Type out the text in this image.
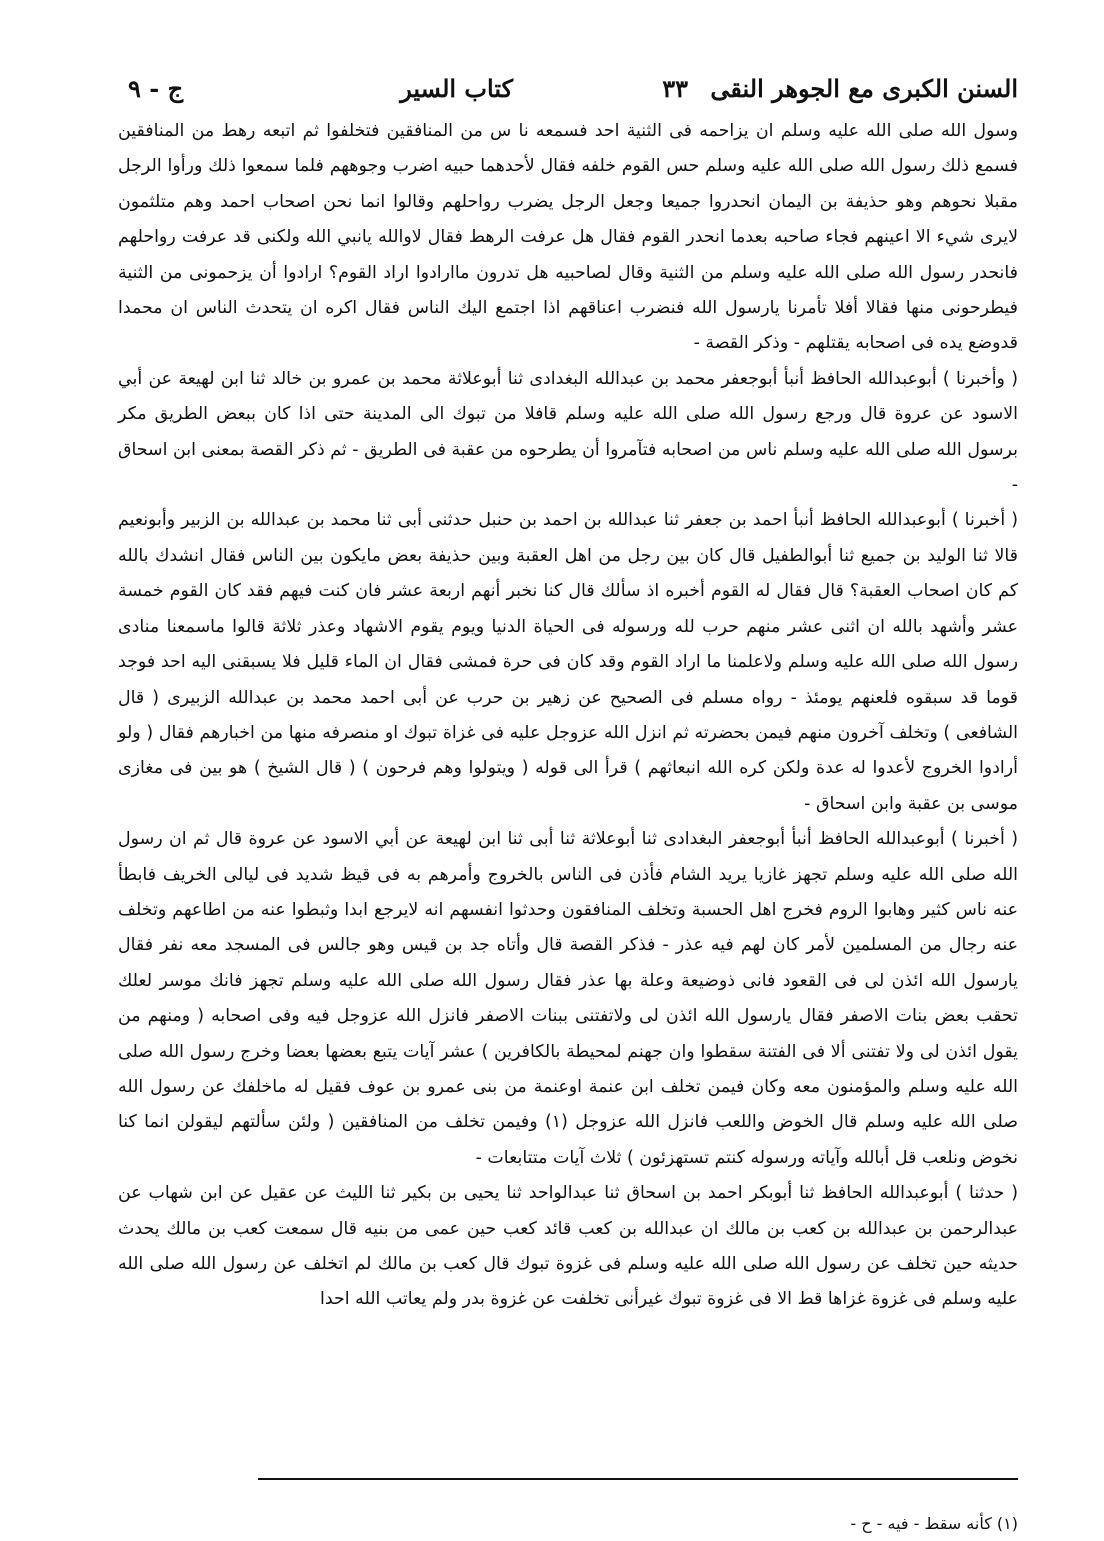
السنن الكبرى مع الجوهر النقى
٣٣
كتاب السير
ج - ٩

وسول الله صلى الله عليه وسلم ان يزاحمه فى الثنية احد فسمعه نا س من المنافقين فتخلفوا ثم اتبعه رهط من المنافقين فسمع ذلك رسول الله صلى الله عليه وسلم حس القوم خلفه فقال لأحدهما حبيه اضرب وجوههم فلما سمعوا ذلك ورأوا الرجل مقبلا نحوهم وهو حذيفة بن اليمان انحدروا جميعا وجعل الرجل يضرب رواحلهم وقالوا انما نحن اصحاب احمد وهم متلثمون لايرى شيء الا اعينهم فجاء صاحبه بعدما انحدر القوم فقال هل عرفت الرهط فقال لاوالله يانبي الله ولكنى قد عرفت رواحلهم فانحدر رسول الله صلى الله عليه وسلم من الثنية وقال لصاحبيه هل تدرون ماارادوا اراد القوم؟ ارادوا أن يزحمونى من الثنية فيطرحونى منها فقالا أفلا تأمرنا يارسول الله فنضرب اعناقهم اذا اجتمع اليك الناس فقال اكره ان يتحدث الناس ان محمدا قدوضع يده فى اصحابه يقتلهم - وذكر القصة -

( وأخبرنا ) أبوعبدالله الحافظ أنبأ أبوجعفر محمد بن عبدالله البغدادى ثنا أبوعلاثة محمد بن عمرو بن خالد ثنا ابن لهيعة عن أبي الاسود عن عروة قال ورجع رسول الله صلى الله عليه وسلم قافلا من تبوك الى المدينة حتى اذا كان ببعض الطريق مكر برسول الله صلى الله عليه وسلم ناس من اصحابه فتآمروا أن يطرحوه من عقبة فى الطريق - ثم ذكر القصة بمعنى ابن اسحاق -

( أخبرنا ) أبوعبدالله الحافظ أنبأ احمد بن جعفر ثنا عبدالله بن احمد بن حنبل حدثنى أبى ثنا محمد بن عبدالله بن الزبير وأبونعيم قالا ثنا الوليد بن جميع ثنا أبوالطفيل قال كان بين رجل من اهل العقبة وبين حذيفة بعض مايكون بين الناس فقال انشدك بالله كم كان اصحاب العقبة؟ قال فقال له القوم أخبره اذ سألك قال كنا نخبر أنهم اربعة عشر فان كنت فيهم فقد كان القوم خمسة عشر وأشهد بالله ان اثنى عشر منهم حرب لله ورسوله فى الحياة الدنيا ويوم يقوم الاشهاد وعذر ثلاثة قالوا ماسمعنا منادى رسول الله صلى الله عليه وسلم ولاعلمنا ما اراد القوم وقد كان فى حرة فمشى فقال ان الماء قليل فلا يسبقنى اليه احد فوجد قوما قد سبقوه فلعنهم يومئذ - رواه مسلم فى الصحيح عن زهير بن حرب عن أبى احمد محمد بن عبدالله الزبيرى ( قال الشافعى ) وتخلف آخرون منهم فيمن بحضرته ثم انزل الله عزوجل عليه فى غزاة تبوك او منصرفه منها من اخبارهم فقال ( ولو أرادوا الخروج لأعدوا له عدة ولكن كره الله انبعاثهم ) قرأ الى قوله ( ويتولوا وهم فرحون ) ( قال الشيخ ) هو بين فى مغازى موسى بن عقبة وابن اسحاق -

( أخبرنا ) أبوعبدالله الحافظ أنبأ أبوجعفر البغدادى ثنا أبوعلاثة ثنا أبى ثنا ابن لهيعة عن أبي الاسود عن عروة قال ثم ان رسول الله صلى الله عليه وسلم تجهز غازيا يريد الشام فأذن فى الناس بالخروج وأمرهم به فى قيظ شديد فى ليالى الخريف فابطأ عنه ناس كثير وهابوا الروم فخرج اهل الحسبة وتخلف المنافقون وحدثوا انفسهم انه لايرجع ابدا وثبطوا عنه من اطاعهم وتخلف عنه رجال من المسلمين لأمر كان لهم فيه عذر - فذكر القصة قال وأتاه جد بن قيس وهو جالس فى المسجد معه نفر فقال يارسول الله ائذن لى فى القعود فانى ذوضيعة وعلة بها عذر فقال رسول الله صلى الله عليه وسلم تجهز فانك موسر لعلك تحقب بعض بنات الاصفر فقال يارسول الله ائذن لى ولاتفتنى ببنات الاصفر فانزل الله عزوجل فيه وفى اصحابه ( ومنهم من يقول ائذن لى ولا تفتنى ألا فى الفتنة سقطوا وان جهنم لمحيطة بالكافرين ) عشر آيات يتبع بعضها بعضا وخرج رسول الله صلى الله عليه وسلم والمؤمنون معه وكان فيمن تخلف ابن عنمة اوعنمة من بنى عمرو بن عوف فقيل له ماخلفك عن رسول الله صلى الله عليه وسلم قال الخوض واللعب فانزل الله عزوجل (١) وفيمن تخلف من المنافقين ( ولئن سألتهم ليقولن انما كنا نخوض ونلعب قل أبالله وآياته ورسوله كنتم تستهزئون ) ثلاث آيات متتابعات -

( حدثنا ) أبوعبدالله الحافظ ثنا أبوبكر احمد بن اسحاق ثنا عبدالواحد ثنا يحيى بن بكير ثنا الليث عن عقيل عن ابن شهاب عن عبدالرحمن بن عبدالله بن كعب بن مالك ان عبدالله بن كعب قائد كعب حين عمى من بنيه قال سمعت كعب بن مالك يحدث حديثه حين تخلف عن رسول الله صلى الله عليه وسلم فى غزوة تبوك قال كعب بن مالك لم اتخلف عن رسول الله صلى الله عليه وسلم فى غزوة غزاها قط الا فى غزوة تبوك غيرأنى تخلفت عن غزوة بدر ولم يعاتب الله احدا

(١) كأنه سقط - فيه - ح -
